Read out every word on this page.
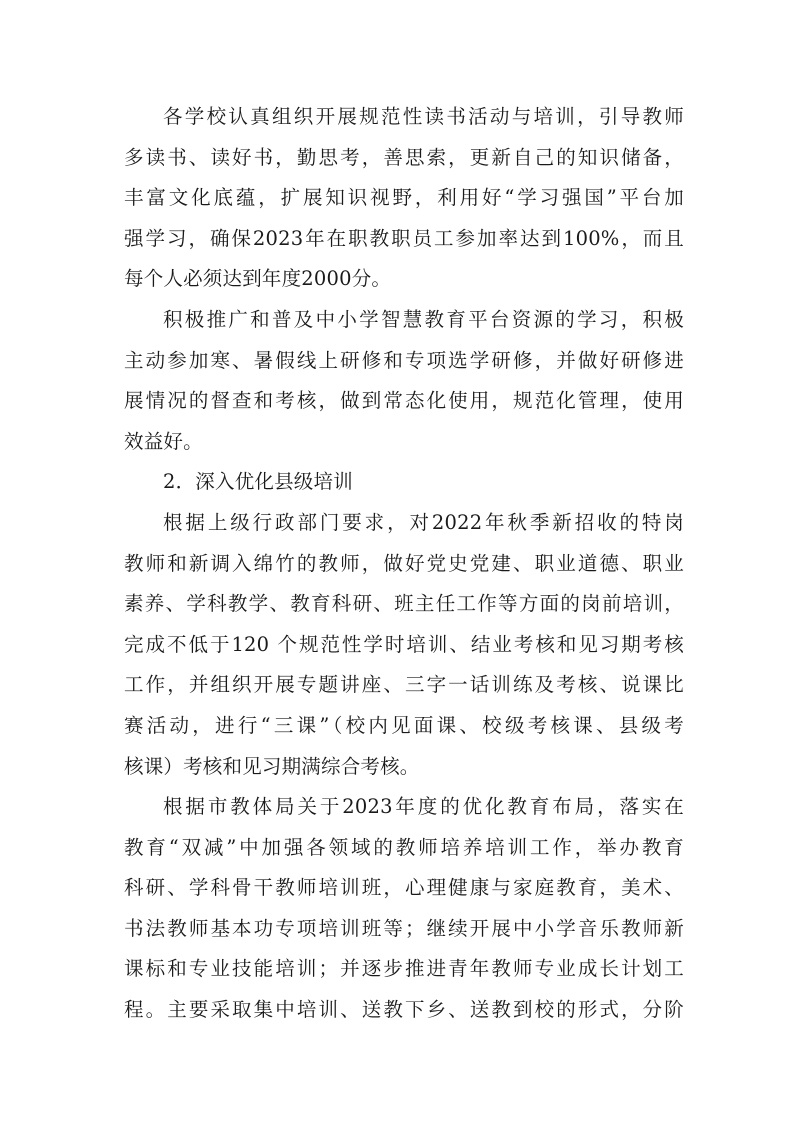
各学校认真组织开展规范性读书活动与培训，引导教师
多读书、读好书，勤思考，善思索，更新自己的知识储备，
丰富文化底蕴，扩展知识视野，利用好“学习强国”平台加
强学习，确保2023年在职教职员工参加率达到100%，而且
每个人必须达到年度2000分。

积极推广和普及中小学智慧教育平台资源的学习，积极
主动参加寒、暑假线上研修和专项选学研修，并做好研修进
展情况的督查和考核，做到常态化使用，规范化管理，使用
效益好。

2．深入优化县级培训

根据上级行政部门要求，对2022年秋季新招收的特岗
教师和新调入绵竹的教师，做好党史党建、职业道德、职业
素养、学科教学、教育科研、班主任工作等方面的岗前培训，
完成不低于120 个规范性学时培训、结业考核和见习期考核
工作，并组织开展专题讲座、三字一话训练及考核、说课比
赛活动，进行“三课”（校内见面课、校级考核课、县级考
核课）考核和见习期满综合考核。

根据市教体局关于2023年度的优化教育布局，落实在
教育“双减”中加强各领域的教师培养培训工作，举办教育
科研、学科骨干教师培训班，心理健康与家庭教育，美术、
书法教师基本功专项培训班等；继续开展中小学音乐教师新
课标和专业技能培训；并逐步推进青年教师专业成长计划工
程。主要采取集中培训、送教下乡、送教到校的形式，分阶
